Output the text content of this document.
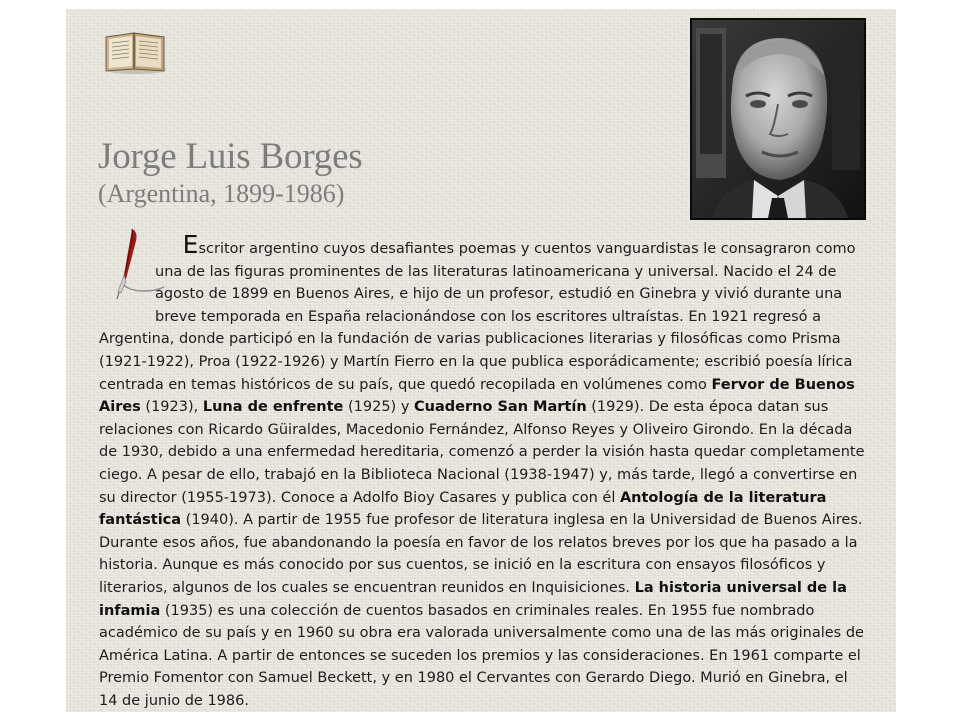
Jorge Luis Borges
(Argentina, 1899-1986)

Escritor argentino cuyos desafiantes poemas y cuentos vanguardistas le consagraron como una de las figuras prominentes de las literaturas latinoamericana y universal. Nacido el 24 de agosto de 1899 en Buenos Aires, e hijo de un profesor, estudió en Ginebra y vivió durante una breve temporada en España relacionándose con los escritores ultraístas. En 1921 regresó a Argentina, donde participó en la fundación de varias publicaciones literarias y filosóficas como Prisma (1921-1922), Proa (1922-1926) y Martín Fierro en la que publica esporádicamente; escribió poesía lírica centrada en temas históricos de su país, que quedó recopilada en volúmenes como Fervor de Buenos Aires (1923), Luna de enfrente (1925) y Cuaderno San Martín (1929). De esta época datan sus relaciones con Ricardo Güiraldes, Macedonio Fernández, Alfonso Reyes y Oliveiro Girondo. En la década de 1930, debido a una enfermedad hereditaria, comenzó a perder la visión hasta quedar completamente ciego. A pesar de ello, trabajó en la Biblioteca Nacional (1938-1947) y, más tarde, llegó a convertirse en su director (1955-1973). Conoce a Adolfo Bioy Casares y publica con él Antología de la literatura fantástica (1940). A partir de 1955 fue profesor de literatura inglesa en la Universidad de Buenos Aires. Durante esos años, fue abandonando la poesía en favor de los relatos breves por los que ha pasado a la historia. Aunque es más conocido por sus cuentos, se inició en la escritura con ensayos filosóficos y literarios, algunos de los cuales se encuentran reunidos en Inquisiciones. La historia universal de la infamia (1935) es una colección de cuentos basados en criminales reales. En 1955 fue nombrado académico de su país y en 1960 su obra era valorada universalmente como una de las más originales de América Latina. A partir de entonces se suceden los premios y las consideraciones. En 1961 comparte el Premio Fomentor con Samuel Beckett, y en 1980 el Cervantes con Gerardo Diego. Murió en Ginebra, el 14 de junio de 1986.
